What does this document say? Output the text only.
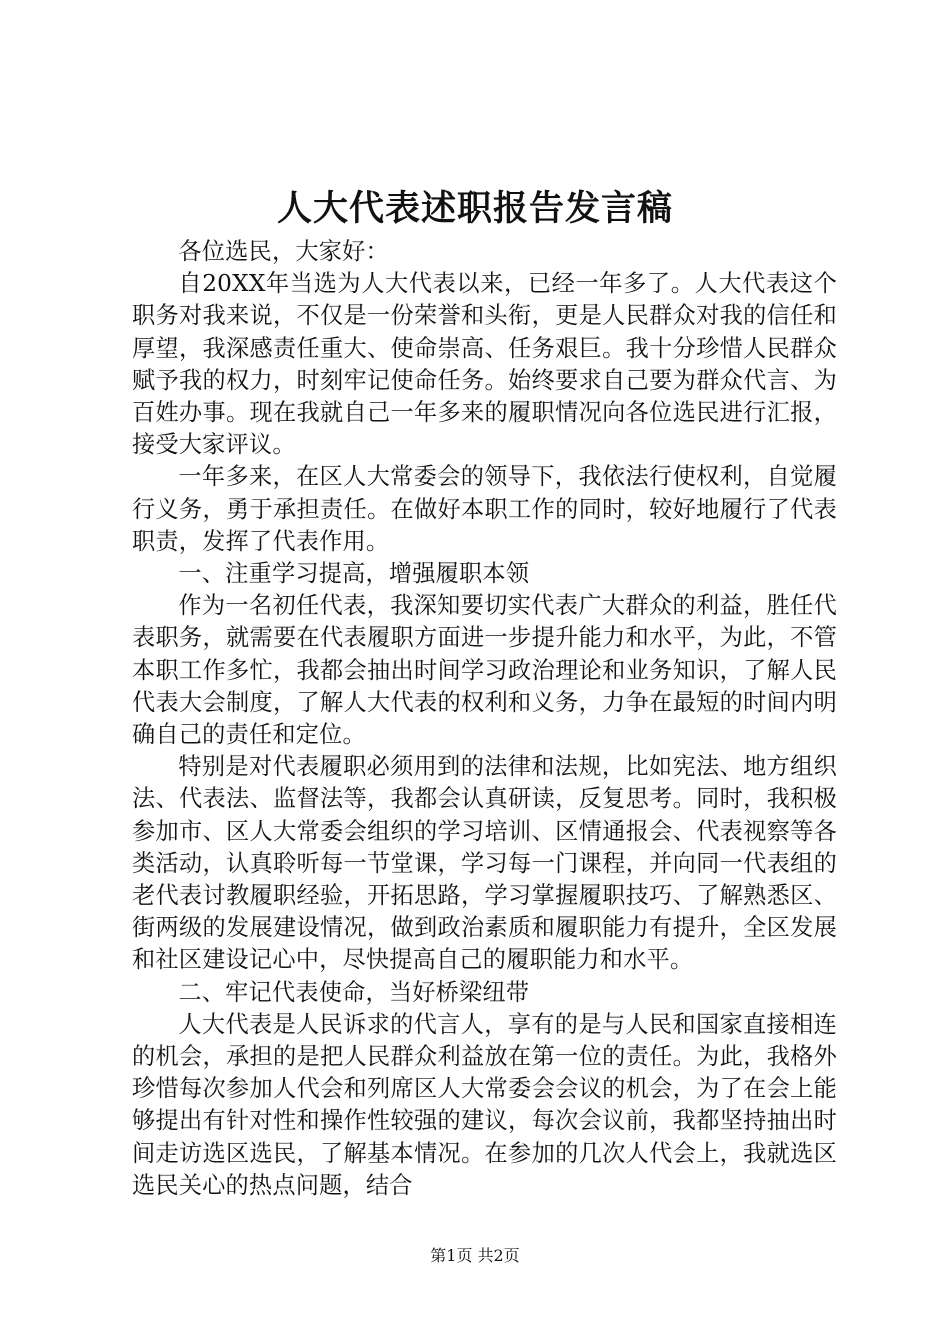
人大代表述职报告发言稿

各位选民，大家好：

自20XX年当选为人大代表以来，已经一年多了。人大代表这个职务对我来说，不仅是一份荣誉和头衔，更是人民群众对我的信任和厚望，我深感责任重大、使命崇高、任务艰巨。我十分珍惜人民群众赋予我的权力，时刻牢记使命任务。始终要求自己要为群众代言、为百姓办事。现在我就自己一年多来的履职情况向各位选民进行汇报，接受大家评议。

一年多来，在区人大常委会的领导下，我依法行使权利，自觉履行义务，勇于承担责任。在做好本职工作的同时，较好地履行了代表职责，发挥了代表作用。

一、注重学习提高，增强履职本领

作为一名初任代表，我深知要切实代表广大群众的利益，胜任代表职务，就需要在代表履职方面进一步提升能力和水平，为此，不管本职工作多忙，我都会抽出时间学习政治理论和业务知识，了解人民代表大会制度，了解人大代表的权利和义务，力争在最短的时间内明确自己的责任和定位。

特别是对代表履职必须用到的法律和法规，比如宪法、地方组织法、代表法、监督法等，我都会认真研读，反复思考。同时，我积极参加市、区人大常委会组织的学习培训、区情通报会、代表视察等各类活动，认真聆听每一节堂课，学习每一门课程，并向同一代表组的老代表讨教履职经验，开拓思路，学习掌握履职技巧、了解熟悉区、街两级的发展建设情况，做到政治素质和履职能力有提升，全区发展和社区建设记心中，尽快提高自己的履职能力和水平。

二、牢记代表使命，当好桥梁纽带

人大代表是人民诉求的代言人，享有的是与人民和国家直接相连的机会，承担的是把人民群众利益放在第一位的责任。为此，我格外珍惜每次参加人代会和列席区人大常委会会议的机会，为了在会上能够提出有针对性和操作性较强的建议，每次会议前，我都坚持抽出时间走访选区选民，了解基本情况。在参加的几次人代会上，我就选区选民关心的热点问题，结合

第1页 共2页
